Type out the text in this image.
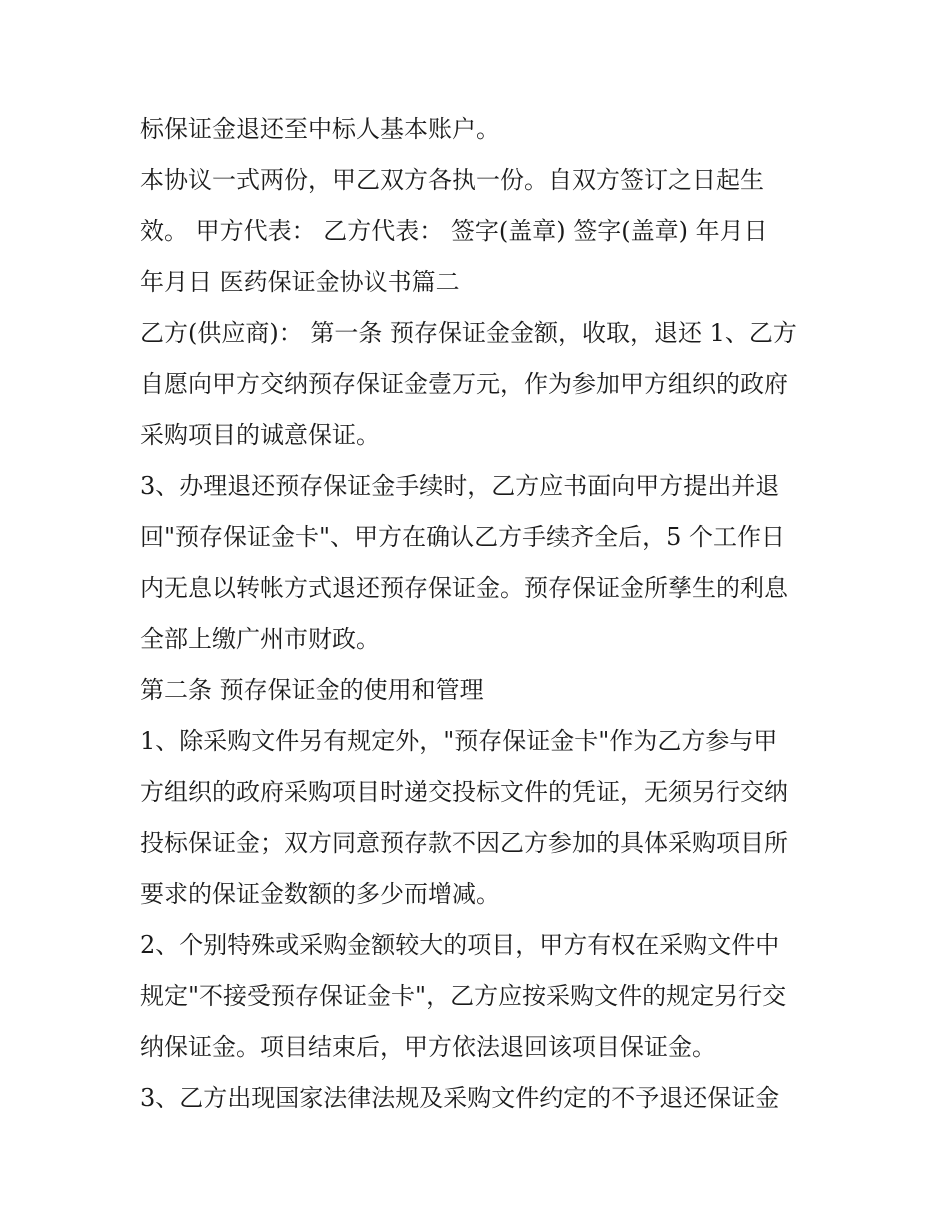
标保证金退还至中标人基本账户。

本协议一式两份，甲乙双方各执一份。自双方签订之日起生

效。 甲方代表： 乙方代表： 签字(盖章) 签字(盖章) 年月日

年月日 医药保证金协议书篇二

乙方(供应商)： 第一条 预存保证金金额，收取，退还 1、乙方

自愿向甲方交纳预存保证金壹万元，作为参加甲方组织的政府

采购项目的诚意保证。

3、办理退还预存保证金手续时，乙方应书面向甲方提出并退

回"预存保证金卡"、甲方在确认乙方手续齐全后，5 个工作日

内无息以转帐方式退还预存保证金。预存保证金所孳生的利息

全部上缴广州市财政。

第二条 预存保证金的使用和管理

1、除采购文件另有规定外，"预存保证金卡"作为乙方参与甲

方组织的政府采购项目时递交投标文件的凭证，无须另行交纳

投标保证金；双方同意预存款不因乙方参加的具体采购项目所

要求的保证金数额的多少而增减。

2、个别特殊或采购金额较大的项目，甲方有权在采购文件中

规定"不接受预存保证金卡"，乙方应按采购文件的规定另行交

纳保证金。项目结束后，甲方依法退回该项目保证金。

3、乙方出现国家法律法规及采购文件约定的不予退还保证金
